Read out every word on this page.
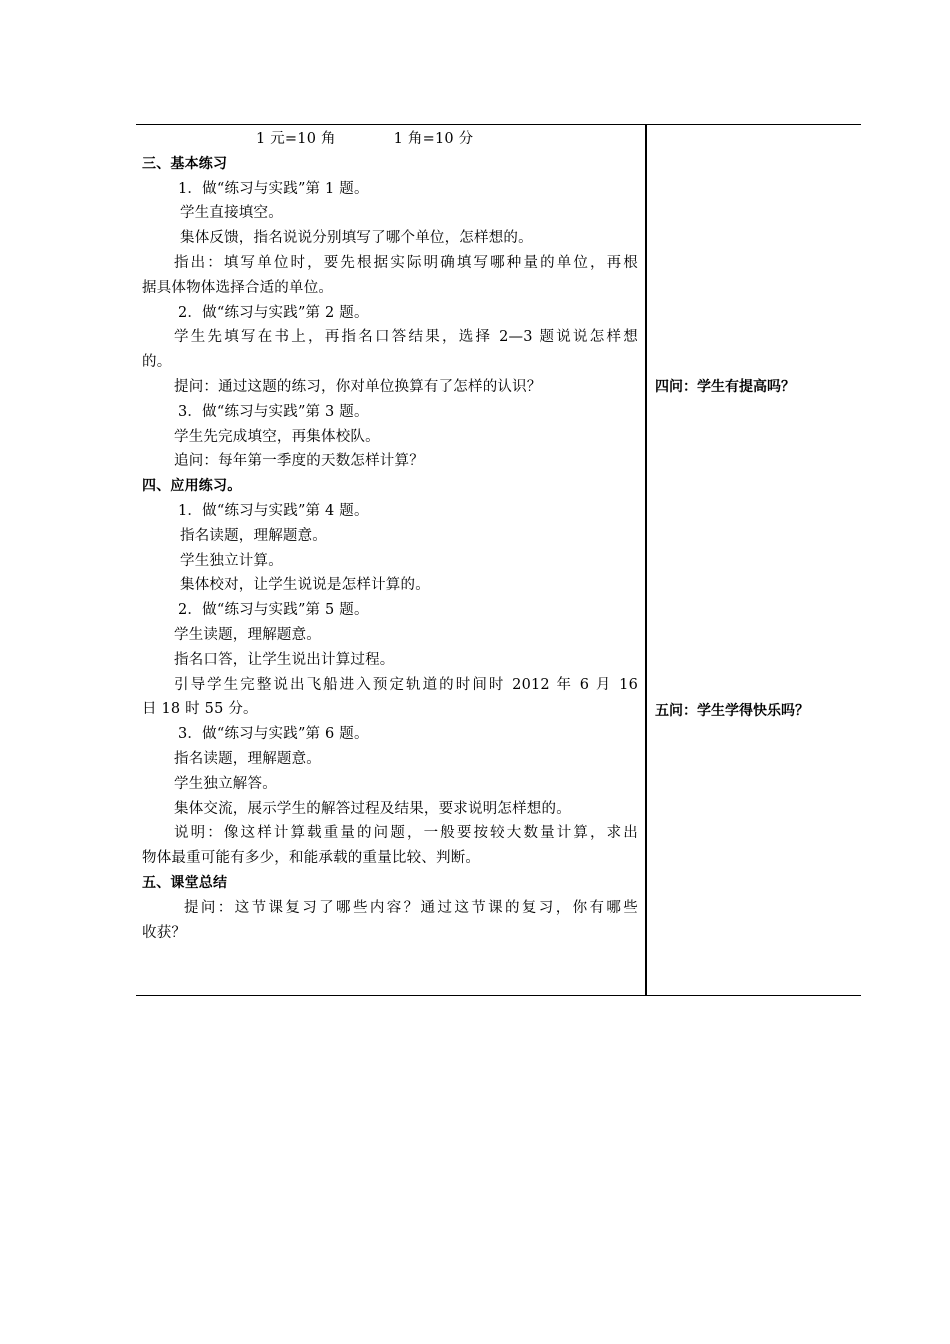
1 元=10 角	1 角=10 分
三、基本练习
1．做“练习与实践”第 1 题。
学生直接填空。
集体反馈，指名说说分别填写了哪个单位，怎样想的。
指出：填写单位时，要先根据实际明确填写哪种量的单位，再根
据具体物体选择合适的单位。
2．做“练习与实践”第 2 题。
学生先填写在书上，再指名口答结果，选择 2—3 题说说怎样想
的。
提问：通过这题的练习，你对单位换算有了怎样的认识？
3．做“练习与实践”第 3 题。
学生先完成填空，再集体校队。
追问：每年第一季度的天数怎样计算？
四、应用练习。
1．做“练习与实践”第 4 题。
指名读题，理解题意。
学生独立计算。
集体校对，让学生说说是怎样计算的。
2．做“练习与实践”第 5 题。
学生读题，理解题意。
指名口答，让学生说出计算过程。
引导学生完整说出飞船进入预定轨道的时间时 2012 年 6 月 16
日 18 时 55 分。
3．做“练习与实践”第 6 题。
指名读题，理解题意。
学生独立解答。
集体交流，展示学生的解答过程及结果，要求说明怎样想的。
说明：像这样计算载重量的问题，一般要按较大数量计算，求出
物体最重可能有多少，和能承载的重量比较、判断。
五、课堂总结
提问：这节课复习了哪些内容？通过这节课的复习，你有哪些
收获？
四问：学生有提高吗？
五问：学生学得快乐吗？
